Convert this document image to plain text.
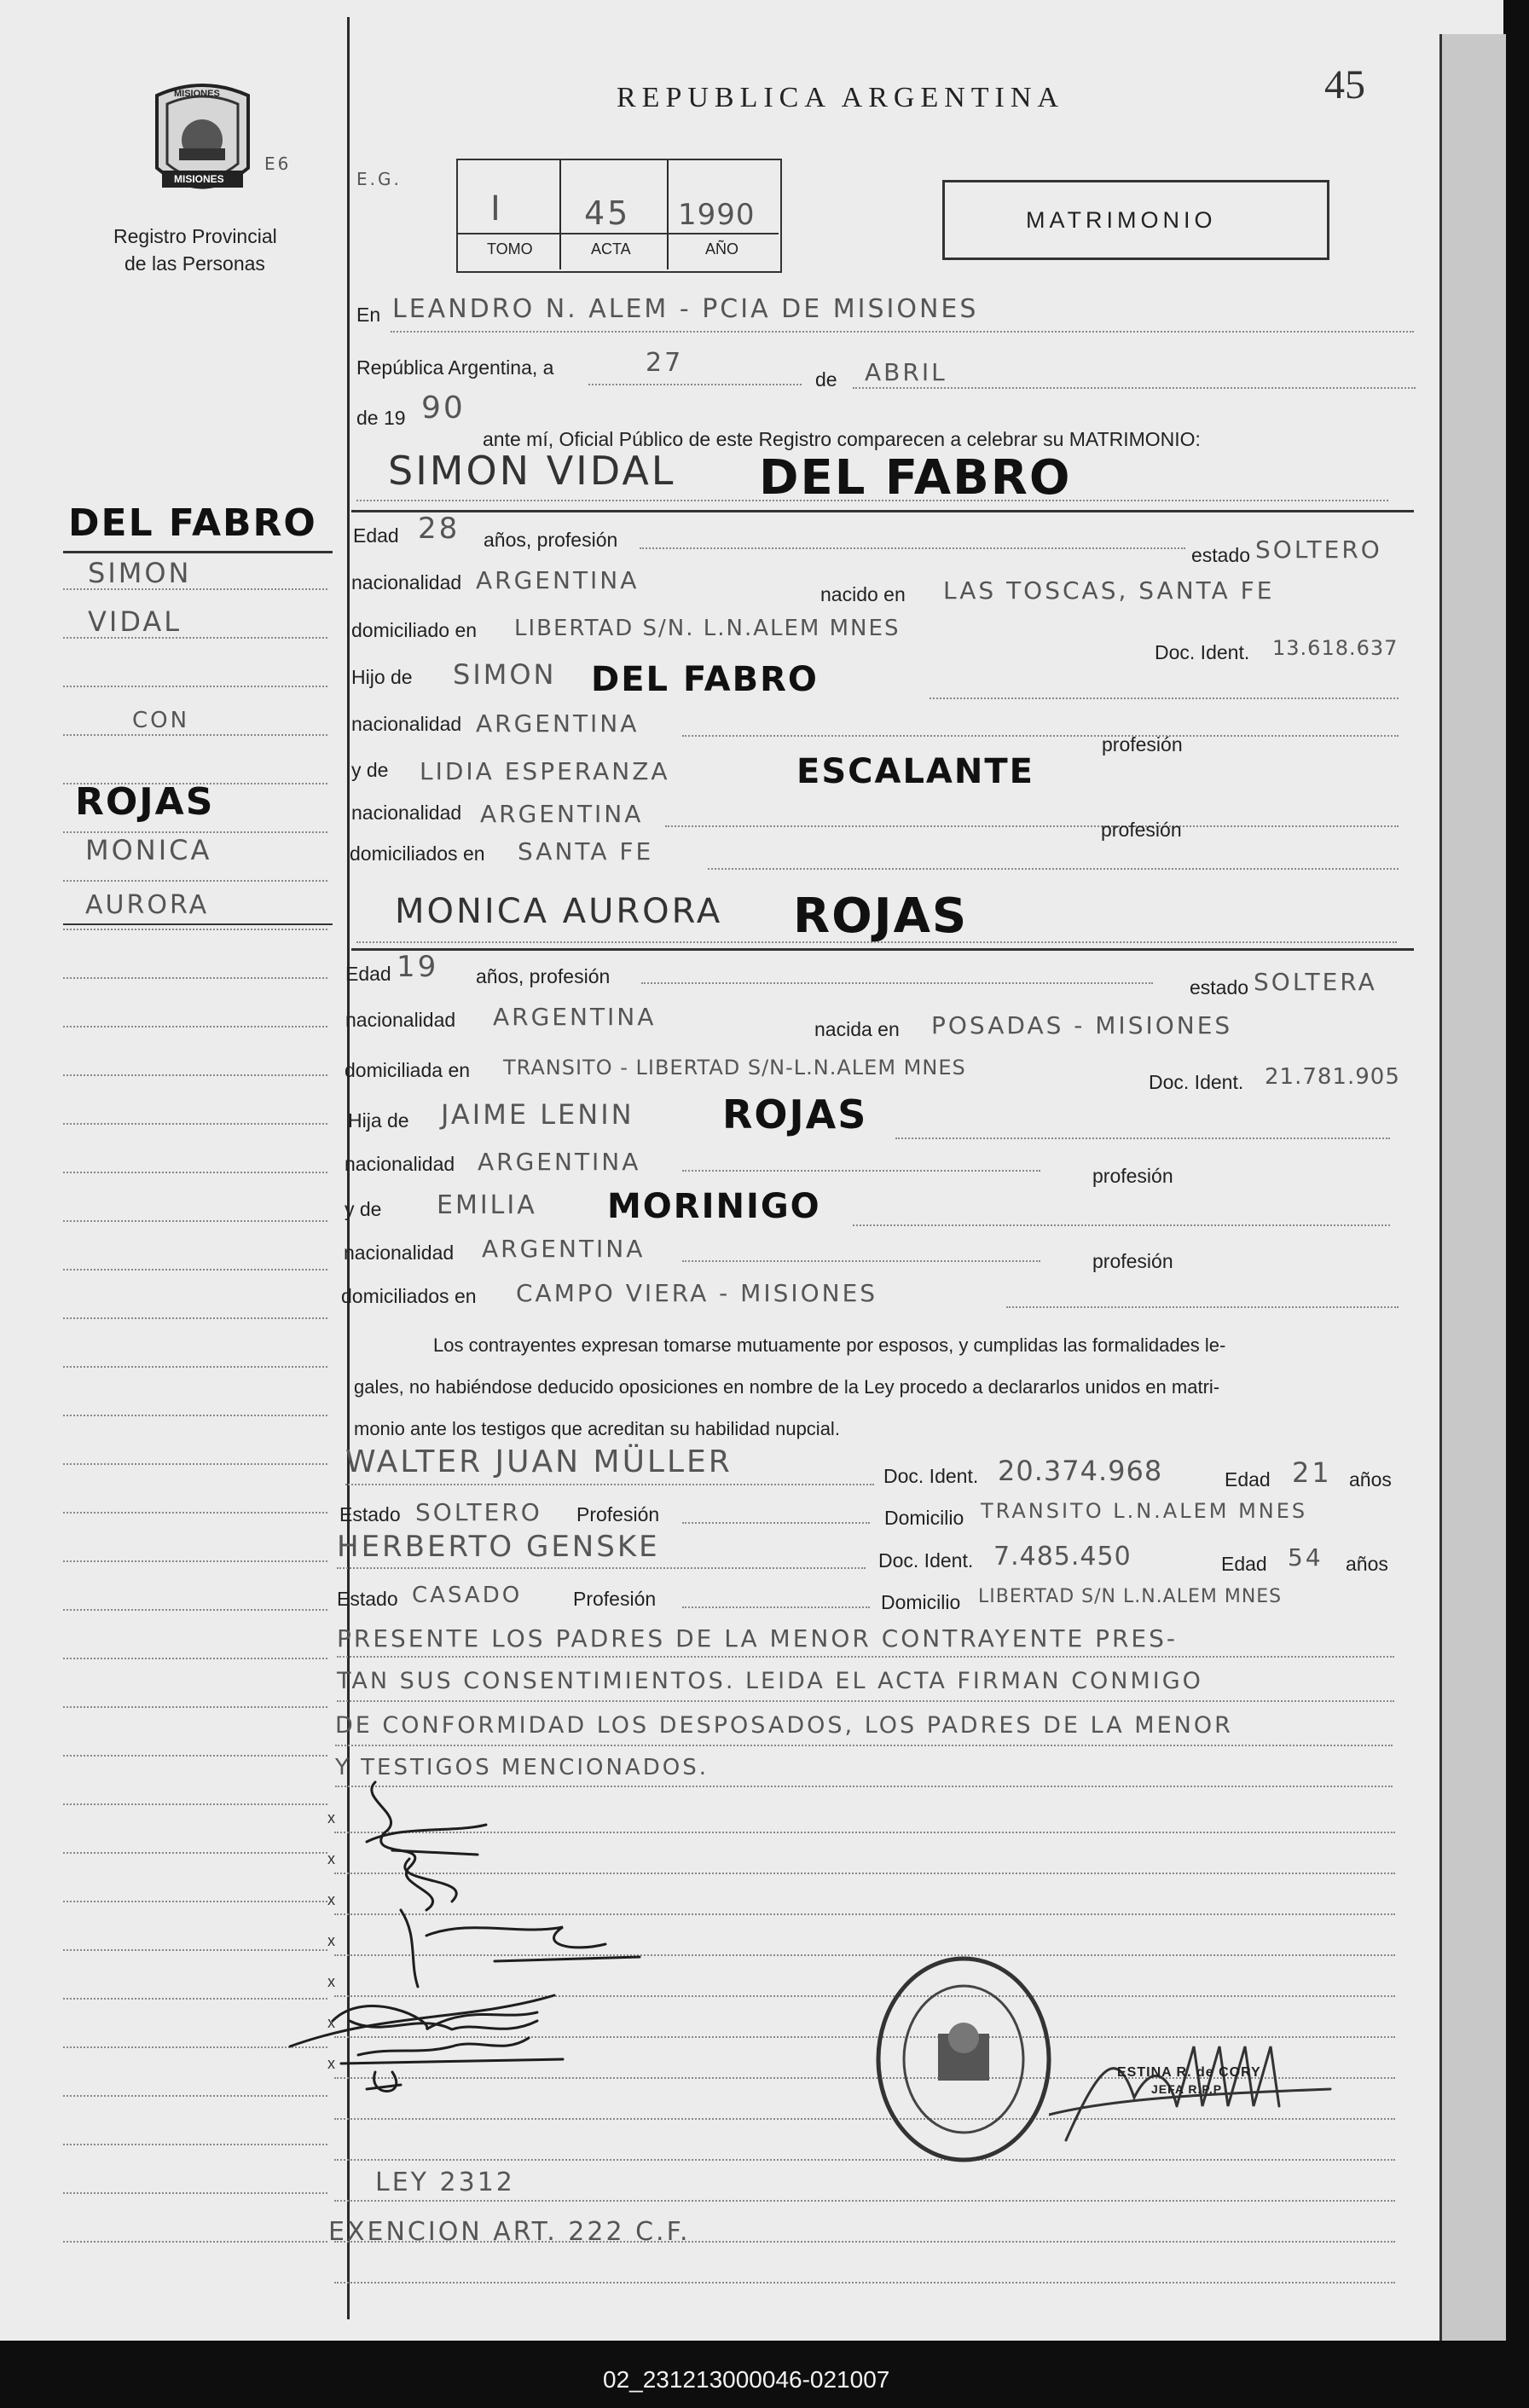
MISIONES
MISIONES
E6
Registro Provincial
de las Personas
REPUBLICA ARGENTINA	45
E.G.
I	45 1990
TOMO	ACTA	AÑO
MATRIMONIO
En LEANDRO N. ALEM - PCIA DE MISIONES
República Argentina, a	27
de ABRIL
de 19 90
ante mí, Oficial Público de este Registro comparecen a celebrar su MATRIMONIO:
SIMON VIDAL DEL FABRO
DEL FABRO
SIMON
VIDAL
CON
ROJAS
MONICA
AURORA
Edad 28 años, profesión
estado SOLTERO
nacionalidad ARGENTINA	nacido en LAS TOSCAS, SANTA FE
domiciliado en LIBERTAD S/N. L.N.ALEM MNES
Doc. Ident. 13.618.637
Hijo de SIMON DEL FABRO
nacionalidad ARGENTINA
profesión
y de LIDIA ESPERANZA	ESCALANTE
nacionalidad ARGENTINA
profesión
domiciliados en SANTA FE
MONICA AURORA ROJAS
Edad 19 años, profesión	estado SOLTERA
nacionalidad ARGENTINA	nacida en POSADAS - MISIONES
domiciliada en TRANSITO - LIBERTAD S/N-L.N.ALEM MNES
Doc. Ident. 21.781.905
Hija de JAIME LENIN ROJAS
nacionalidad ARGENTINA	profesión
y de EMILIA MORINIGO
nacionalidad ARGENTINA	profesión
domiciliados en CAMPO VIERA - MISIONES
Los contrayentes expresan tomarse mutuamente por esposos, y cumplidas las formalidades le-
gales, no habiéndose deducido oposiciones en nombre de la Ley procedo a declararlos unidos en matri-
monio ante los testigos que acreditan su habilidad nupcial.
WALTER JUAN MÜLLER	Doc. Ident. 20.374.968	Edad 21 años
Estado SOLTERO Profesión	Domicilio TRANSITO L.N.ALEM MNES
HERBERTO GENSKE	Doc. Ident. 7.485.450	Edad 54 años
Estado CASADO	Profesión	Domicilio LIBERTAD S/N L.N.ALEM MNES
PRESENTE LOS PADRES DE LA MENOR CONTRAYENTE PRES-
TAN SUS CONSENTIMIENTOS. LEIDA EL ACTA FIRMAN CONMIGO
DE CONFORMIDAD LOS DESPOSADOS, LOS PADRES DE LA MENOR
Y TESTIGOS MENCIONADOS.
x
x
x
x
x
x
x
ESTINA R. de CORY
JEFA R.P.P
LEY 2312
EXENCION ART. 222 C.F.
02_231213000046-021007
